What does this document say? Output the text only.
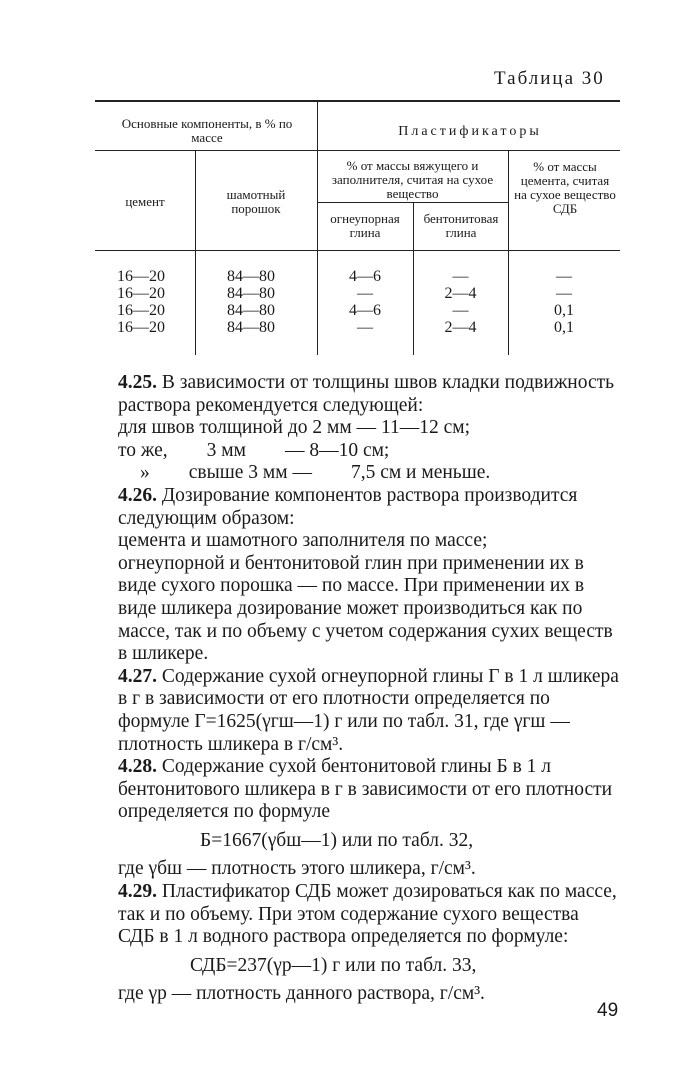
Таблица 30
Основные компоненты, в % по массе	Пластификаторы
цемент	шамотный порошок
% от массы вяжущего и заполнителя, считая на сухое вещество
огнеупорная глина
бентонитовая глина
% от массы цемента, считая на сухое вещество СДБ
16—20	84—80	4—6	—	—
16—20	84—80	—	2—4	—
16—20	84—80	4—6	—	0,1
16—20	84—80	—	2—4	0,1

4.25. В зависимости от толщины швов кладки подвижность раствора рекомендуется следующей:

для швов толщиной до 2 мм — 11—12 см;

то же,        3 мм        — 8—10 см;

»        свыше 3 мм —        7,5 см и меньше.

4.26. Дозирование компонентов раствора производится следующим образом:

цемента и шамотного заполнителя по массе;

огнеупорной и бентонитовой глин при применении их в виде сухого порошка — по массе. При применении их в виде шликера дозирование может производиться как по массе, так и по объему с учетом содержания сухих веществ в шликере.

4.27. Содержание сухой огнеупорной глины Г в 1 л шликера в г в зависимости от его плотности определяется по формуле Г=1625(γгш—1) г или по табл. 31, где γгш — плотность шликера в г/см³.

4.28. Содержание сухой бентонитовой глины Б в 1 л бентонитового шликера в г в зависимости от его плотности определяется по формуле

Б=1667(γбш—1) или по табл. 32,

где γбш — плотность этого шликера, г/см³.

4.29. Пластификатор СДБ может дозироваться как по массе, так и по объему. При этом содержание сухого вещества СДБ в 1 л водного раствора определяется по формуле:

СДБ=237(γр—1) г или по табл. 33,

где γр — плотность данного раствора, г/см³.

49
